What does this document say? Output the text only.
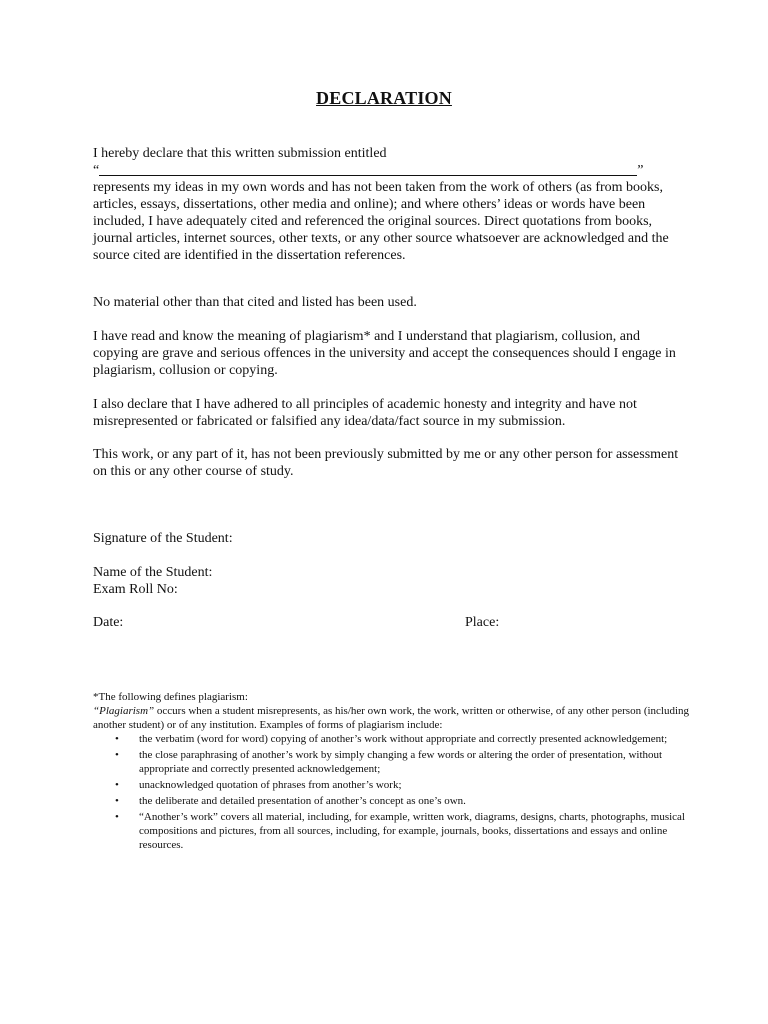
DECLARATION

I hereby declare that this written submission entitled

“	”

represents my ideas in my own words and has not been taken from the work of others (as from books, articles, essays, dissertations, other media and online); and where others’ ideas or words have been included, I have adequately cited and referenced the original sources. Direct quotations from books, journal articles, internet sources, other texts, or any other source whatsoever are acknowledged and the source cited are identified in the dissertation references.

No material other than that cited and listed has been used.

I have read and know the meaning of plagiarism* and I understand that plagiarism, collusion, and copying are grave and serious offences in the university and accept the consequences should I engage in plagiarism, collusion or copying.

I also declare that I have adhered to all principles of academic honesty and integrity and have not misrepresented or fabricated or falsified any idea/data/fact source in my submission.

This work, or any part of it, has not been previously submitted by me or any other person for assessment on this or any other course of study.

Signature of the Student:
Name of the Student:
Exam Roll No:
Date:	Place:
*The following defines plagiarism:
“Plagiarism” occurs when a student misrepresents, as his/her own work, the work, written or otherwise, of any other person (including another student) or of any institution. Examples of forms of plagiarism include:
• the verbatim (word for word) copying of another’s work without appropriate and correctly presented acknowledgement;
• the close paraphrasing of another’s work by simply changing a few words or altering the order of presentation, without appropriate and correctly presented acknowledgement;
• unacknowledged quotation of phrases from another’s work;
• the deliberate and detailed presentation of another’s concept as one’s own.
• “Another’s work” covers all material, including, for example, written work, diagrams, designs, charts, photographs, musical compositions and pictures, from all sources, including, for example, journals, books, dissertations and essays and online resources.
